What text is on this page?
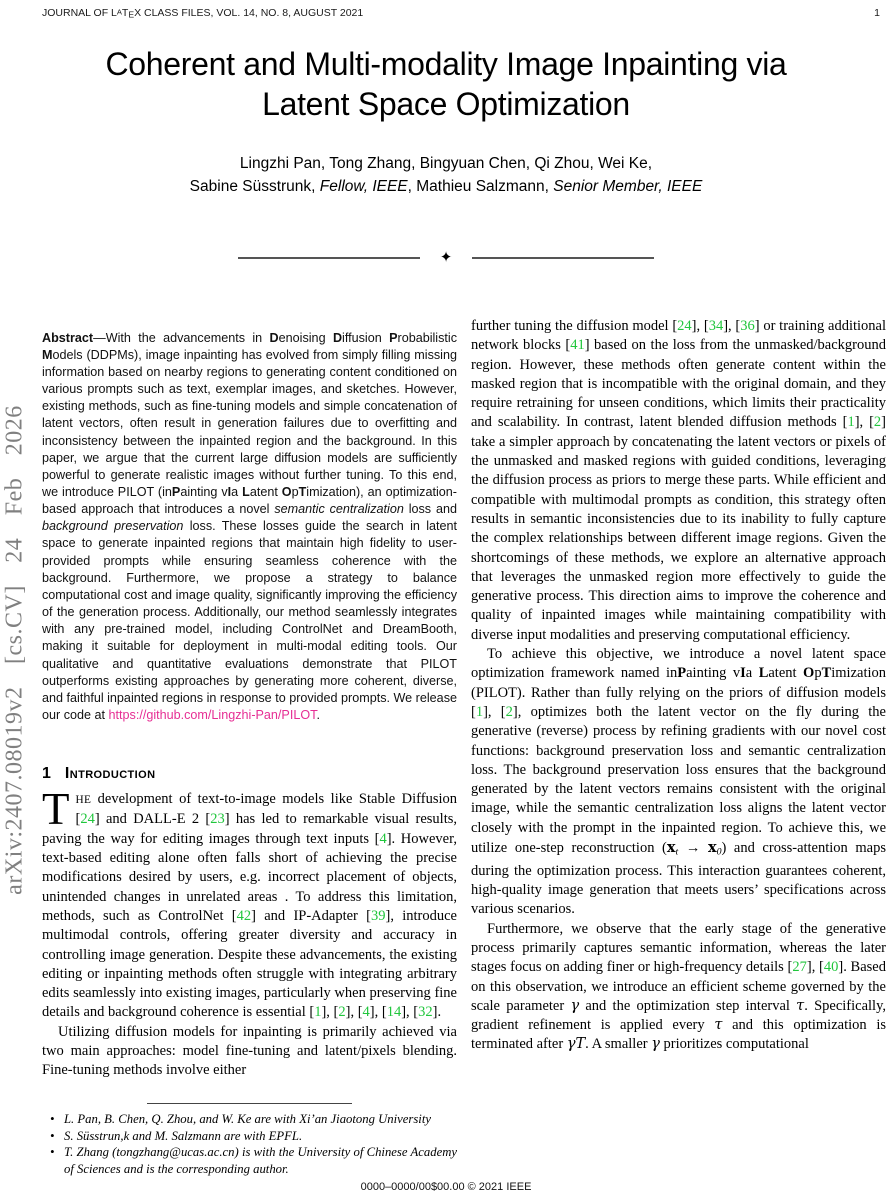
JOURNAL OF LATEX CLASS FILES, VOL. 14, NO. 8, AUGUST 2021	1
Coherent and Multi-modality Image Inpainting via
Latent Space Optimization
Lingzhi Pan, Tong Zhang, Bingyuan Chen, Qi Zhou, Wei Ke,
Sabine Süsstrunk, Fellow, IEEE, Mathieu Salzmann, Senior Member, IEEE
✦

Abstract—With the advancements in Denoising Diffusion Probabilistic Models (DDPMs), image inpainting has evolved from simply filling missing information based on nearby regions to generating content conditioned on various prompts such as text, exemplar images, and sketches. However, existing methods, such as fine-tuning models and simple concatenation of latent vectors, often result in generation failures due to overfitting and inconsistency between the inpainted region and the background. In this paper, we argue that the current large diffusion models are sufficiently powerful to generate realistic images without further tuning. To this end, we introduce PILOT (inPainting vIa Latent OpTimization), an optimization-based approach that introduces a novel semantic centralization loss and background preservation loss. These losses guide the search in latent space to generate inpainted regions that maintain high fidelity to user-provided prompts while ensuring seamless coherence with the background. Furthermore, we propose a strategy to balance computational cost and image quality, significantly improving the efficiency of the generation process. Additionally, our method seamlessly integrates with any pre-trained model, including ControlNet and DreamBooth, making it suitable for deployment in multi-modal editing tools. Our qualitative and quantitative evaluations demonstrate that PILOT outperforms existing approaches by generating more coherent, diverse, and faithful inpainted regions in response to provided prompts. We release our code at https://github.com/Lingzhi-Pan/PILOT.

1 Introduction

THE development of text-to-image models like Stable Diffusion [24] and DALL-E 2 [23] has led to remarkable visual results, paving the way for editing images through text inputs [4]. However, text-based editing alone often falls short of achieving the precise modifications desired by users, e.g. incorrect placement of objects, unintended changes in unrelated areas . To address this limitation, methods, such as ControlNet [42] and IP-Adapter [39], introduce multimodal controls, offering greater diversity and accuracy in controlling image generation. Despite these advancements, the existing editing or inpainting methods often struggle with integrating arbitrary edits seamlessly into existing images, particularly when preserving fine details and background coherence is essential [1], [2], [4], [14], [32].

Utilizing diffusion models for inpainting is primarily achieved via two main approaches: model fine-tuning and latent/pixels blending. Fine-tuning methods involve either

• L. Pan, B. Chen, Q. Zhou, and W. Ke are with Xi’an Jiaotong University
• S. Süsstrun,k and M. Salzmann are with EPFL.
• T. Zhang (tongzhang@ucas.ac.cn) is with the University of Chinese Academy of Sciences and is the corresponding author.

further tuning the diffusion model [24], [34], [36] or training additional network blocks [41] based on the loss from the unmasked/background region. However, these methods often generate content within the masked region that is incompatible with the original domain, and they require retraining for unseen conditions, which limits their practicality and scalability. In contrast, latent blended diffusion methods [1], [2] take a simpler approach by concatenating the latent vectors or pixels of the unmasked and masked regions with guided conditions, leveraging the diffusion process as priors to merge these parts. While efficient and compatible with multimodal prompts as condition, this strategy often results in semantic inconsistencies due to its inability to fully capture the complex relationships between different image regions. Given the shortcomings of these methods, we explore an alternative approach that leverages the unmasked region more effectively to guide the generative process. This direction aims to improve the coherence and quality of inpainted images while maintaining compatibility with diverse input modalities and preserving computational efficiency.

To achieve this objective, we introduce a novel latent space optimization framework named inPainting vIa Latent OpTimization (PILOT). Rather than fully relying on the priors of diffusion models [1], [2], optimizes both the latent vector on the fly during the generative (reverse) process by refining gradients with our novel cost functions: background preservation loss and semantic centralization loss. The background preservation loss ensures that the background generated by the latent vectors remains consistent with the original image, while the semantic centralization loss aligns the latent vector closely with the prompt in the inpainted region. To achieve this, we utilize one-step reconstruction $(x_t \to x_0)$ and cross-attention maps during the optimization process. This interaction guarantees coherent, high-quality image generation that meets users’ specifications across various scenarios.

Furthermore, we observe that the early stage of the generative process primarily captures semantic information, whereas the later stages focus on adding finer or high-frequency details [27], [40]. Based on this observation, we introduce an efficient scheme governed by the scale parameter γ and the optimization step interval τ. Specifically, gradient refinement is applied every τ and this optimization is terminated after γT. A smaller γ prioritizes computational

arXiv:2407.08019v2 [cs.CV] 24 Feb 2026
0000–0000/00$00.00 © 2021 IEEE
